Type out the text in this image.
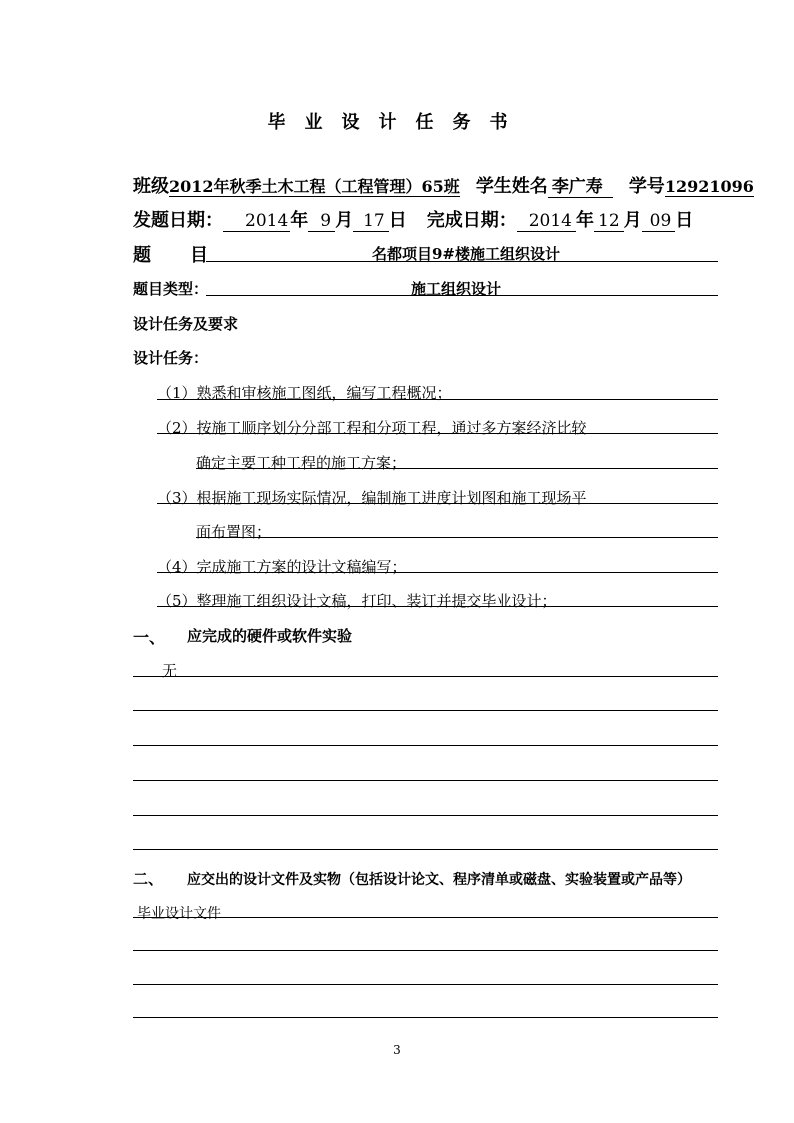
毕业设计任务书
班级2012年秋季土木工程（工程管理）65班 学生姓名 李广寿 学号12921096
发题日期： 2014 年 9 月 17 日 完成日期： 2014 年 12 月 09 日
题 目	名都项目9#楼施工组织设计
题目类型：	施工组织设计
设计任务及要求
设计任务：
（1）熟悉和审核施工图纸，编写工程概况；
（2）按施工顺序划分分部工程和分项工程，通过多方案经济比较
确定主要工种工程的施工方案；
（3）根据施工现场实际情况，编制施工进度计划图和施工现场平
面布置图；
（4）完成施工方案的设计文稿编写；
（5）整理施工组织设计文稿，打印、装订并提交毕业设计；
一、 应完成的硬件或软件实验
无
二、 应交出的设计文件及实物（包括设计论文、程序清单或磁盘、实验装置或产品等）
毕业设计文件
3
